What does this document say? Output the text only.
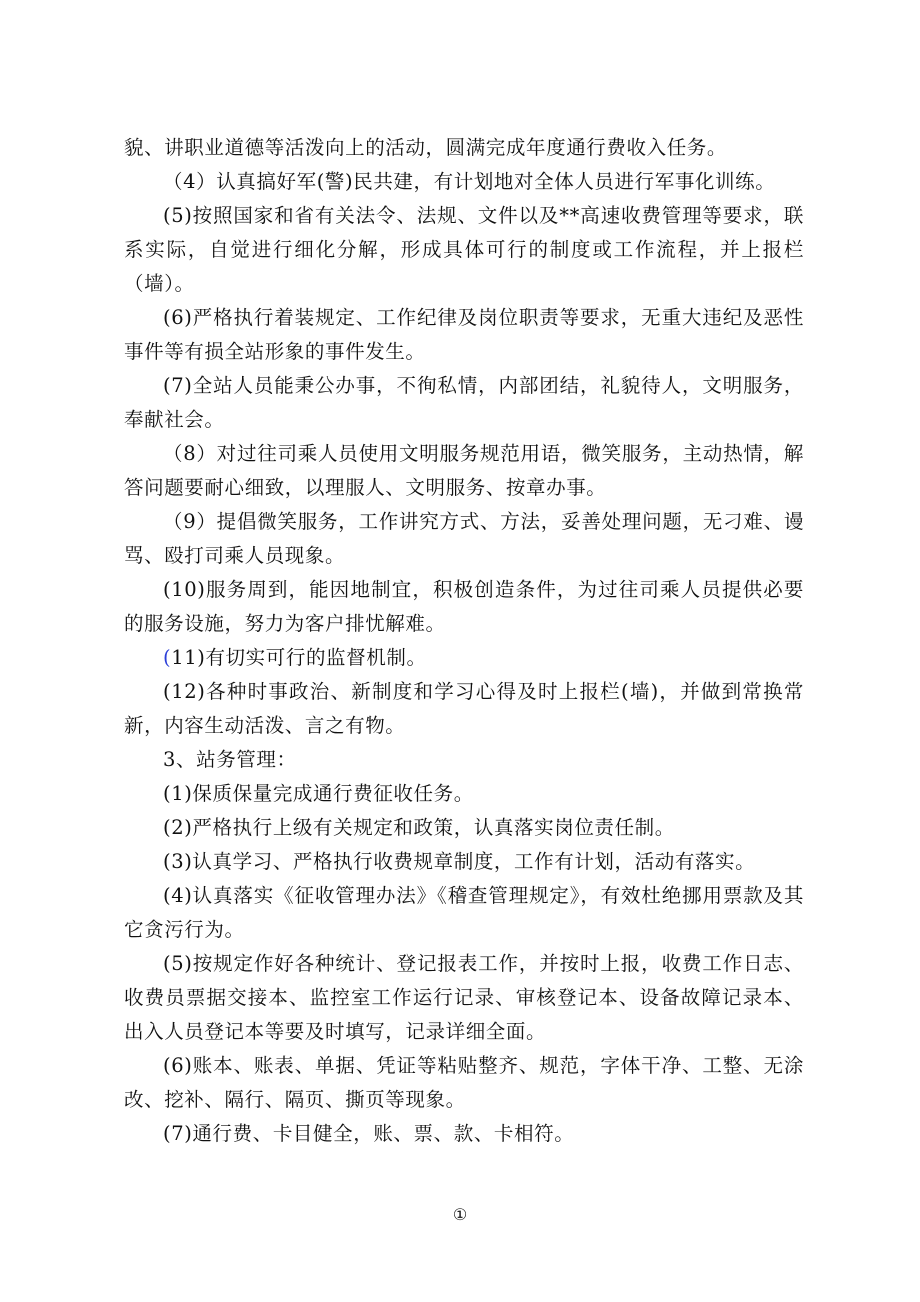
貌、讲职业道德等活泼向上的活动，圆满完成年度通行费收入任务。

（4）认真搞好军(警)民共建，有计划地对全体人员进行军事化训练。

(5)按照国家和省有关法令、法规、文件以及**高速收费管理等要求，联系实际，自觉进行细化分解，形成具体可行的制度或工作流程，并上报栏（墙）。

(6)严格执行着装规定、工作纪律及岗位职责等要求，无重大违纪及恶性事件等有损全站形象的事件发生。

(7)全站人员能秉公办事，不徇私情，内部团结，礼貌待人，文明服务，奉献社会。

（8）对过往司乘人员使用文明服务规范用语，微笑服务，主动热情，解答问题要耐心细致，以理服人、文明服务、按章办事。

（9）提倡微笑服务，工作讲究方式、方法，妥善处理问题，无刁难、谩骂、殴打司乘人员现象。

(10)服务周到，能因地制宜，积极创造条件，为过往司乘人员提供必要的服务设施，努力为客户排忧解难。

(11)有切实可行的监督机制。

(12)各种时事政治、新制度和学习心得及时上报栏(墙)，并做到常换常新，内容生动活泼、言之有物。

3、站务管理：

(1)保质保量完成通行费征收任务。

(2)严格执行上级有关规定和政策，认真落实岗位责任制。

(3)认真学习、严格执行收费规章制度，工作有计划，活动有落实。

(4)认真落实《征收管理办法》《稽查管理规定》，有效杜绝挪用票款及其它贪污行为。

(5)按规定作好各种统计、登记报表工作，并按时上报，收费工作日志、收费员票据交接本、监控室工作运行记录、审核登记本、设备故障记录本、出入人员登记本等要及时填写，记录详细全面。

(6)账本、账表、单据、凭证等粘贴整齐、规范，字体干净、工整、无涂改、挖补、隔行、隔页、撕页等现象。

(7)通行费、卡目健全，账、票、款、卡相符。

①
